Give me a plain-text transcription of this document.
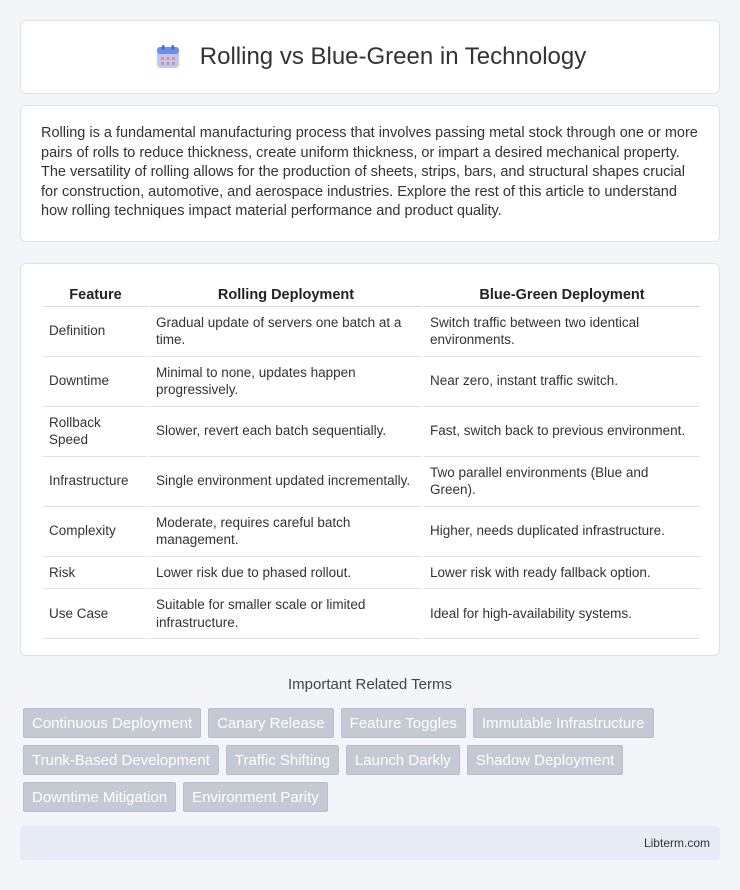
Rolling vs Blue-Green in Technology

Rolling is a fundamental manufacturing process that involves passing metal stock through one or more pairs of rolls to reduce thickness, create uniform thickness, or impart a desired mechanical property. The versatility of rolling allows for the production of sheets, strips, bars, and structural shapes crucial for construction, automotive, and aerospace industries. Explore the rest of this article to understand how rolling techniques impact material performance and product quality.

Feature	Rolling Deployment	Blue-Green Deployment
Definition	Gradual update of servers one batch at a time.	Switch traffic between two identical environments.
Downtime	Minimal to none, updates happen progressively.	Near zero, instant traffic switch.
Rollback Speed	Slower, revert each batch sequentially.	Fast, switch back to previous environment.
Infrastructure	Single environment updated incrementally.	Two parallel environments (Blue and Green).
Complexity	Moderate, requires careful batch management.	Higher, needs duplicated infrastructure.
Risk	Lower risk due to phased rollout.	Lower risk with ready fallback option.
Use Case	Suitable for smaller scale or limited infrastructure.	Ideal for high-availability systems.
Important Related Terms
Continuous Deployment	Canary Release	Feature Toggles	Immutable Infrastructure
Trunk-Based Development	Traffic Shifting	Launch Darkly	Shadow Deployment
Downtime Mitigation	Environment Parity
Libterm.com
